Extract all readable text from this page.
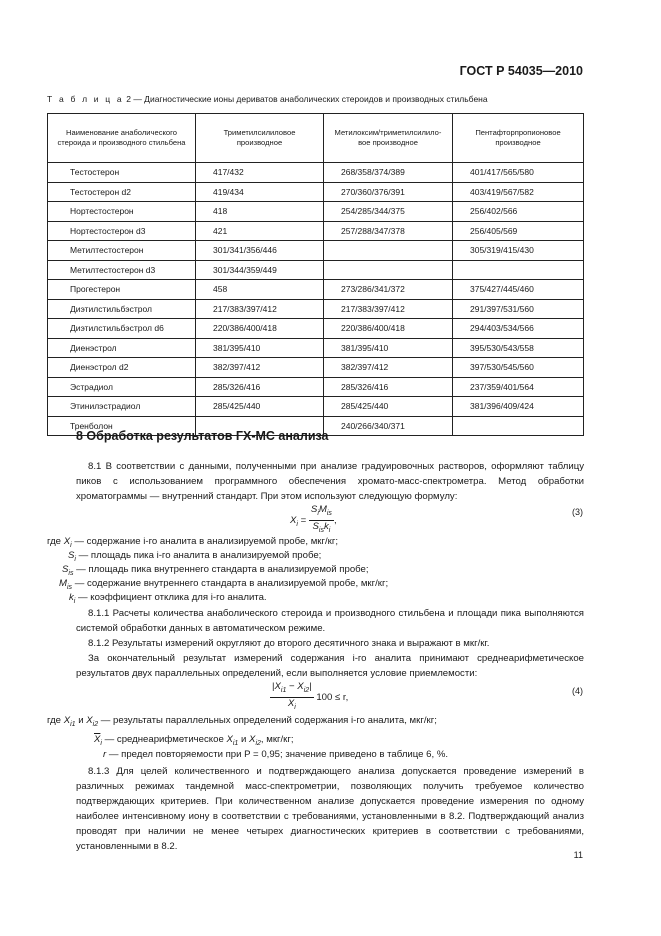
ГОСТ Р 54035—2010
Т а б л и ц а 2 — Диагностические ионы дериватов анаболических стероидов и производных стильбена
Наименование анаболического стероида и производного стильбена	Триметилсилиловое производное	Метилоксим/триметилсилило-вое производное	Пентафторпропионовое производное
Тестостерон	417/432	268/358/374/389	401/417/565/580
Тестостерон d2	419/434	270/360/376/391	403/419/567/582
Нортестостерон	418	254/285/344/375	256/402/566
Нортестостерон d3	421	257/288/347/378	256/405/569
Метилтестостерон	301/341/356/446		305/319/415/430
Метилтестостерон d3	301/344/359/449		
Прогестерон	458	273/286/341/372	375/427/445/460
Диэтилстильбэстрол	217/383/397/412	217/383/397/412	291/397/531/560
Диэтилстильбэстрол d6	220/386/400/418	220/386/400/418	294/403/534/566
Диенэстрол	381/395/410	381/395/410	395/530/543/558
Диенэстрол d2	382/397/412	382/397/412	397/530/545/560
Эстрадиол	285/326/416	285/326/416	237/359/401/564
Этинилэстрадиол	285/425/440	285/425/440	381/396/409/424
Тренболон		240/266/340/371	
8 Обработка результатов ГХ-МС анализа
8.1 В соответствии с данными, полученными при анализе градуировочных растворов, оформляют таблицу пиков с использованием программного обеспечения хромато-масс-спектрометра. Метод обработки хроматограммы — внутренний стандарт. При этом используют следующую формулу:
$X_i = \frac{S_iM_{is}}{S_{is}k_i}$ ,
(3)
где $X_i$ — содержание i-го аналита в анализируемой пробе, мкг/кг;
$S_i$ — площадь пика i-го аналита в анализируемой пробе;
$S_{is}$ — площадь пика внутреннего стандарта в анализируемой пробе;
$M_{is}$ — содержание внутреннего стандарта в анализируемой пробе, мкг/кг;
$k_i$ — коэффициент отклика для i-го аналита.
8.1.1 Расчеты количества анаболического стероида и производного стильбена и площади пика выполняются системой обработки данных в автоматическом режиме.
8.1.2 Результаты измерений округляют до второго десятичного знака и выражают в мкг/кг.
За окончательный результат измерений содержания i-го аналита принимают среднеарифметическое результатов двух параллельных определений, если выполняется условие приемлемости:
$\frac{|X_{i1} - X_{i2}|}{\overline{X}_i} 100 \le r$,
(4)
где $X_{i1}$ и $X_{i2}$ — результаты параллельных определений содержания i-го аналита, мкг/кг;
$\overline{X}_i$ — среднеарифметическое $X_{i1}$ и $X_{i2}$, мкг/кг;
r — предел повторяемости при P = 0,95; значение приведено в таблице 6, %.
8.1.3 Для целей количественного и подтверждающего анализа допускается проведение измерений в различных режимах тандемной масс-спектрометрии, позволяющих получить требуемое количество подтверждающих критериев. При количественном анализе допускается проведение измерения по одному наиболее интенсивному иону в соответствии с требованиями, установленными в 8.2. Подтверждающий анализ проводят при наличии не менее четырех диагностических критериев в соответствии с требованиями, установленными в 8.2.
11
